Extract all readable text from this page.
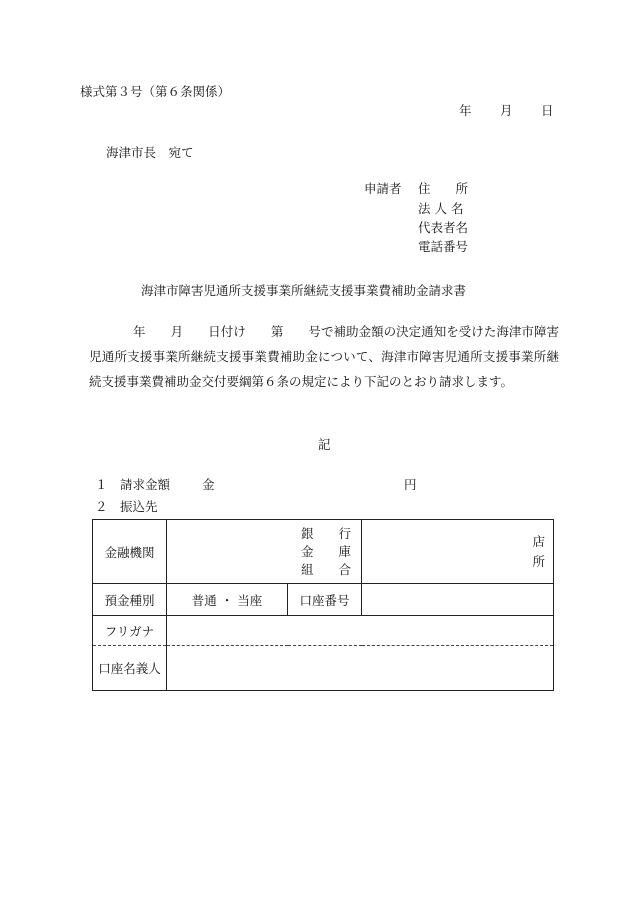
様式第３号（第６条関係）
年 月 日
海津市長　宛て
申請者 住　　所
法 人 名
代表者名
電話番号
海津市障害児通所支援事業所継続支援事業費補助金請求書
年　　月　　日付け　　第　　号で補助金額の決定通知を受けた海津市障害児通所支援事業所継続支援事業費補助金について、海津市障害児通所支援事業所継続支援事業費補助金交付要綱第６条の規定により下記のとおり請求します。
記
１ 請求金額	金	円
２ 振込先
金融機関	銀　　行
金　　庫
組　　合		店
所

預金種別	普通 ・ 当座	口座番号	
フリガナ			
口座名義人			
